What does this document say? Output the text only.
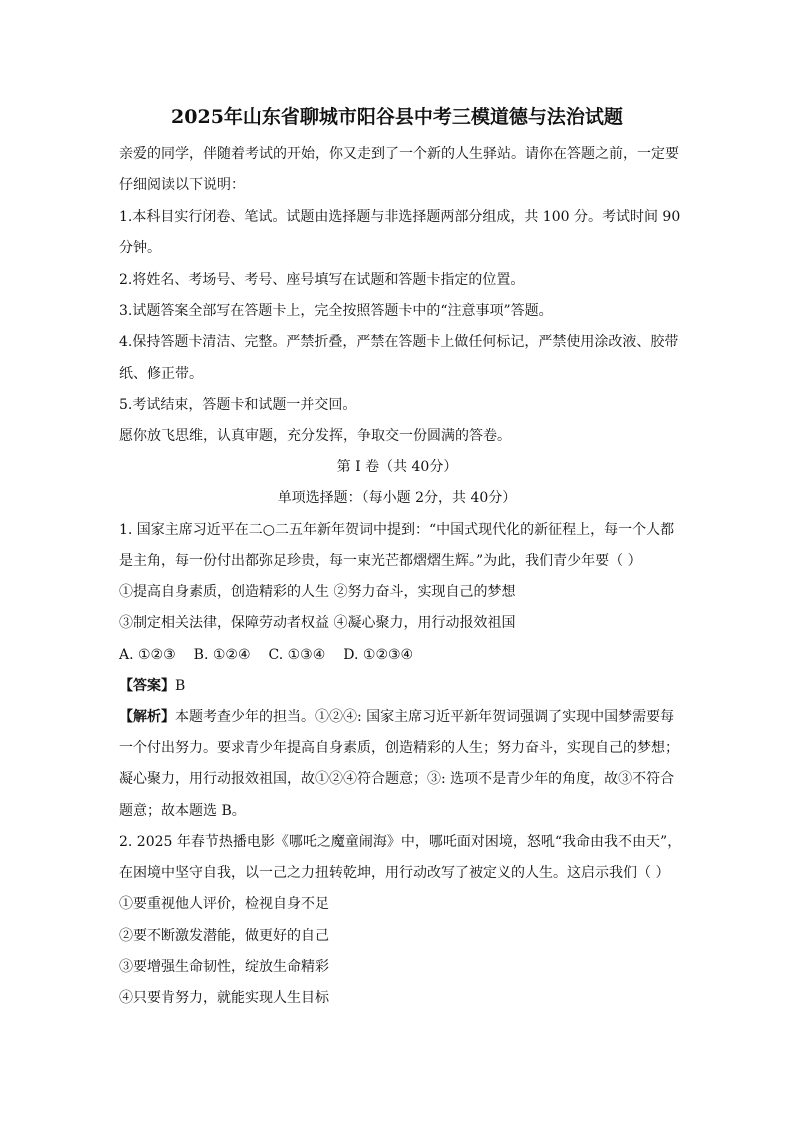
2025年山东省聊城市阳谷县中考三模道德与法治试题
亲爱的同学，伴随着考试的开始，你又走到了一个新的人生驿站。请你在答题之前，一定要
仔细阅读以下说明：
1.本科目实行闭卷、笔试。试题由选择题与非选择题两部分组成，共 100 分。考试时间 90
分钟。
2.将姓名、考场号、考号、座号填写在试题和答题卡指定的位置。
3.试题答案全部写在答题卡上，完全按照答题卡中的“注意事项”答题。
4.保持答题卡清洁、完整。严禁折叠，严禁在答题卡上做任何标记，严禁使用涂改液、胶带
纸、修正带。
5.考试结束，答题卡和试题一并交回。
愿你放飞思维，认真审题，充分发挥，争取交一份圆满的答卷。
第 I 卷（共 40分）
单项选择题：（每小题 2分，共 40分）
1. 国家主席习近平在二○二五年新年贺词中提到：“中国式现代化的新征程上，每一个人都
是主角，每一份付出都弥足珍贵，每一束光芒都熠熠生辉。”为此，我们青少年要（ ）
①提高自身素质，创造精彩的人生 ②努力奋斗，实现自己的梦想
③制定相关法律，保障劳动者权益 ④凝心聚力，用行动报效祖国
A. ①②③ B. ①②④ C. ①③④ D. ①②③④
【答案】B
【解析】本题考查少年的担当。①②④: 国家主席习近平新年贺词强调了实现中国梦需要每
一个付出努力。要求青少年提高自身素质，创造精彩的人生；努力奋斗，实现自己的梦想；
凝心聚力，用行动报效祖国，故①②④符合题意；③: 选项不是青少年的角度，故③不符合
题意；故本题选 B。
2. 2025 年春节热播电影《哪吒之魔童闹海》中，哪吒面对困境，怒吼“我命由我不由天”，
在困境中坚守自我，以一己之力扭转乾坤，用行动改写了被定义的人生。这启示我们（ ）
①要重视他人评价，检视自身不足
②要不断激发潜能，做更好的自己
③要增强生命韧性，绽放生命精彩
④只要肯努力，就能实现人生目标
